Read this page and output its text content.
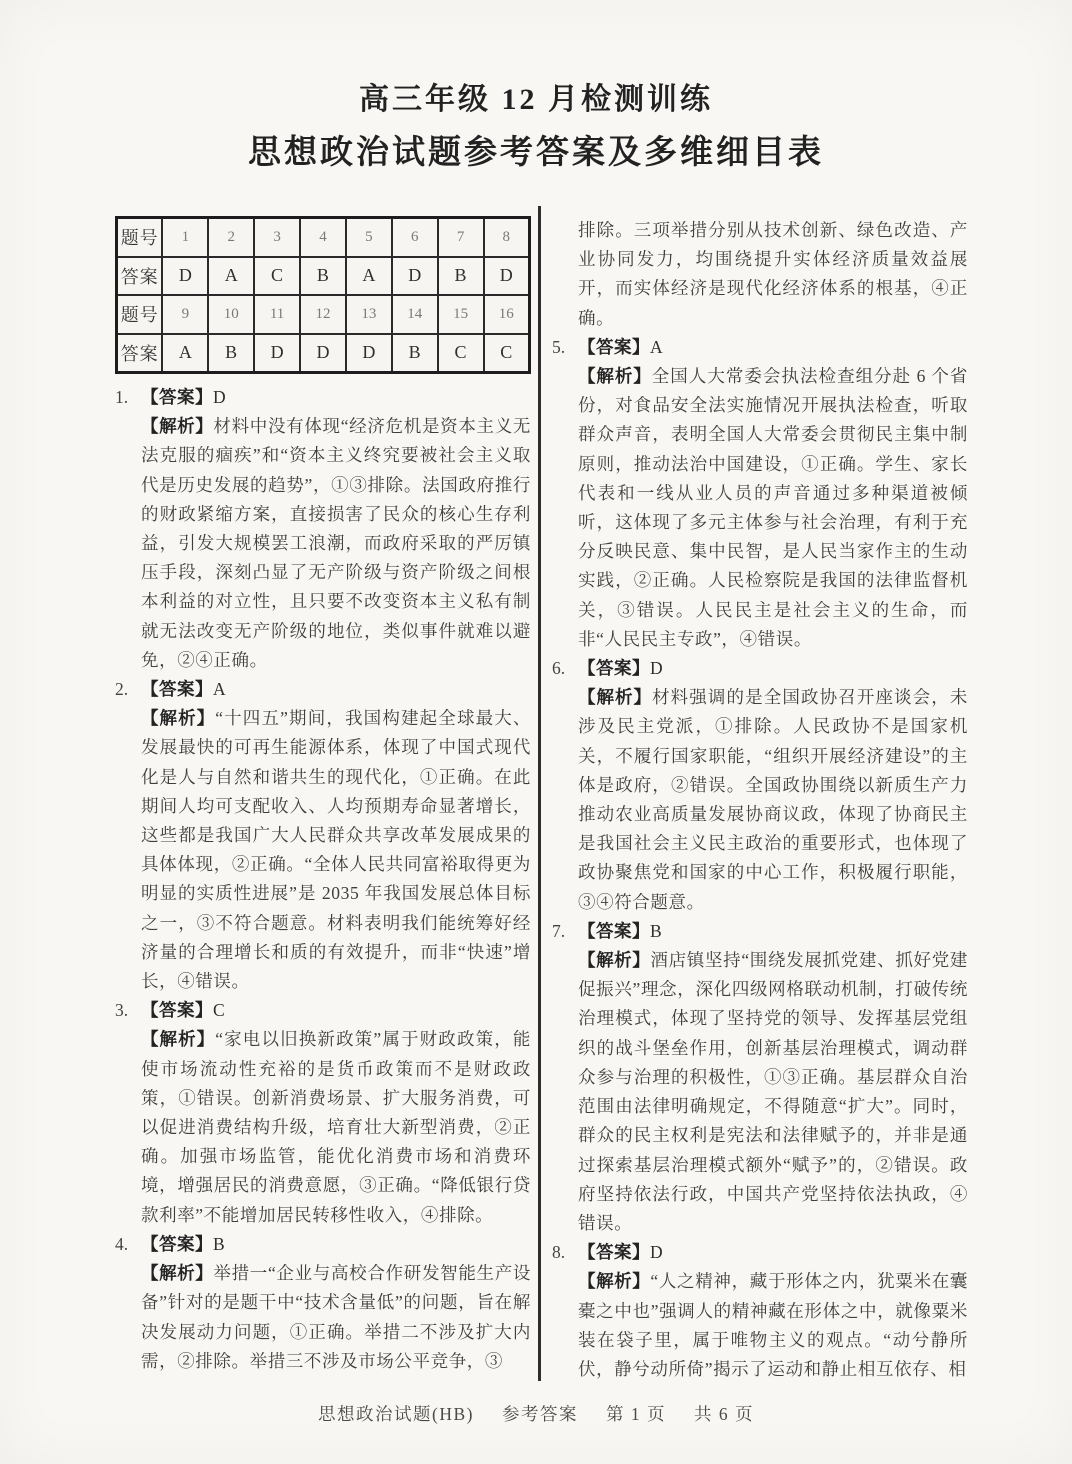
高三年级 12 月检测训练
思想政治试题参考答案及多维细目表
题号	1	2	3	4	5	6	7	8
答案	D	A	C	B	A	D	B	D
题号	9	10	11	12	13	14	15	16
答案	A	B	D	D	D	B	C	C
1. 【答案】D
【解析】材料中没有体现“经济危机是资本主义无法克服的痼疾”和“资本主义终究要被社会主义取代是历史发展的趋势”，①③排除。法国政府推行的财政紧缩方案，直接损害了民众的核心生存利益，引发大规模罢工浪潮，而政府采取的严厉镇压手段，深刻凸显了无产阶级与资产阶级之间根本利益的对立性，且只要不改变资本主义私有制就无法改变无产阶级的地位，类似事件就难以避免，②④正确。
2. 【答案】A
【解析】“十四五”期间，我国构建起全球最大、发展最快的可再生能源体系，体现了中国式现代化是人与自然和谐共生的现代化，①正确。在此期间人均可支配收入、人均预期寿命显著增长，这些都是我国广大人民群众共享改革发展成果的具体体现，②正确。“全体人民共同富裕取得更为明显的实质性进展”是 2035 年我国发展总体目标之一，③不符合题意。材料表明我们能统筹好经济量的合理增长和质的有效提升，而非“快速”增长，④错误。
3. 【答案】C
【解析】“家电以旧换新政策”属于财政政策，能使市场流动性充裕的是货币政策而不是财政政策，①错误。创新消费场景、扩大服务消费，可以促进消费结构升级，培育壮大新型消费，②正确。加强市场监管，能优化消费市场和消费环境，增强居民的消费意愿，③正确。“降低银行贷款利率”不能增加居民转移性收入，④排除。
4. 【答案】B
【解析】举措一“企业与高校合作研发智能生产设备”针对的是题干中“技术含量低”的问题，旨在解决发展动力问题，①正确。举措二不涉及扩大内需，②排除。举措三不涉及市场公平竞争，③
排除。三项举措分别从技术创新、绿色改造、产业协同发力，均围绕提升实体经济质量效益展开，而实体经济是现代化经济体系的根基，④正确。
5. 【答案】A
【解析】全国人大常委会执法检查组分赴 6 个省份，对食品安全法实施情况开展执法检查，听取群众声音，表明全国人大常委会贯彻民主集中制原则，推动法治中国建设，①正确。学生、家长代表和一线从业人员的声音通过多种渠道被倾听，这体现了多元主体参与社会治理，有利于充分反映民意、集中民智，是人民当家作主的生动实践，②正确。人民检察院是我国的法律监督机关，③错误。人民民主是社会主义的生命，而非“人民民主专政”，④错误。
6. 【答案】D
【解析】材料强调的是全国政协召开座谈会，未涉及民主党派，①排除。人民政协不是国家机关，不履行国家职能，“组织开展经济建设”的主体是政府，②错误。全国政协围绕以新质生产力推动农业高质量发展协商议政，体现了协商民主是我国社会主义民主政治的重要形式，也体现了政协聚焦党和国家的中心工作，积极履行职能，③④符合题意。
7. 【答案】B
【解析】酒店镇坚持“围绕发展抓党建、抓好党建促振兴”理念，深化四级网格联动机制，打破传统治理模式，体现了坚持党的领导、发挥基层党组织的战斗堡垒作用，创新基层治理模式，调动群众参与治理的积极性，①③正确。基层群众自治范围由法律明确规定，不得随意“扩大”。同时，群众的民主权利是宪法和法律赋予的，并非是通过探索基层治理模式额外“赋予”的，②错误。政府坚持依法行政，中国共产党坚持依法执政，④错误。
8. 【答案】D
【解析】“人之精神，藏于形体之内，犹粟米在囊橐之中也”强调人的精神藏在形体之中，就像粟米装在袋子里，属于唯物主义的观点。“动兮静所伏，静兮动所倚”揭示了运动和静止相互依存、相
思想政治试题(HB) 参考答案 第 1 页 共 6 页
